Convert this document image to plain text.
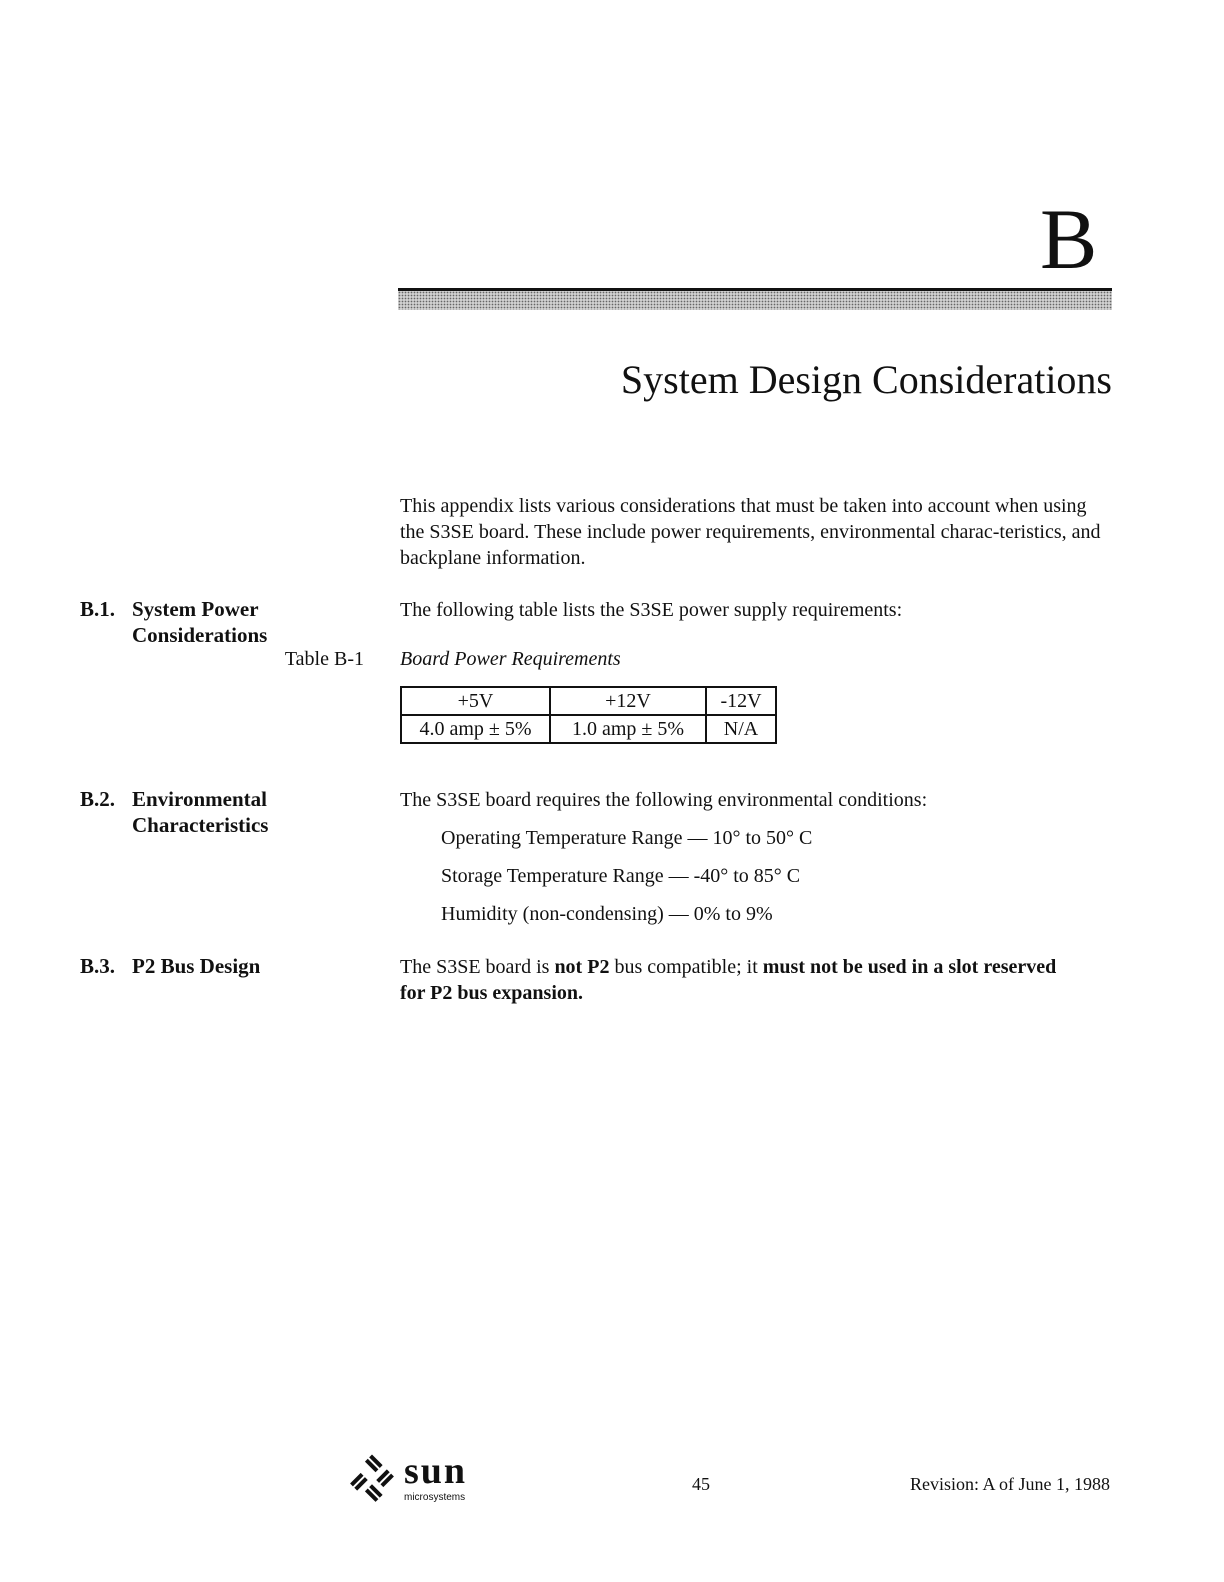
B
System Design Considerations
This appendix lists various considerations that must be taken into account when using the S3SE board. These include power requirements, environmental charac-teristics, and backplane information.
B.1. System Power
Considerations
The following table lists the S3SE power supply requirements:
Table B-1 Board Power Requirements
+5V	+12V	-12V
4.0 amp ± 5%	1.0 amp ± 5%	N/A
B.2. Environmental
Characteristics
The S3SE board requires the following environmental conditions:
Operating Temperature Range — 10° to 50° C
Storage Temperature Range — -40° to 85° C
Humidity (non-condensing) — 0% to 9%
B.3. P2 Bus Design	The S3SE board is not P2 bus compatible; it must not be used in a slot reserved for P2 bus expansion.
sun
microsystems
45	Revision: A of June 1, 1988
